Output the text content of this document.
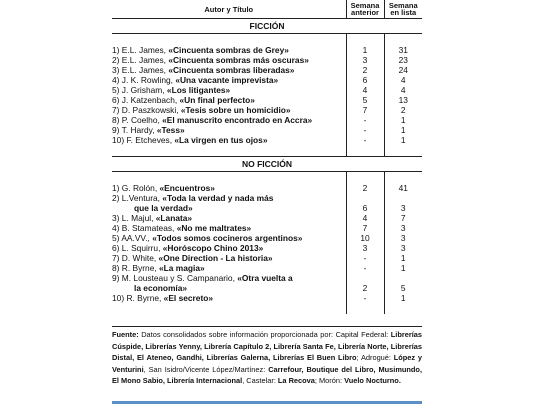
Autor y Título	Semana anterior	Semana en lista
FICCIÓN		

1) E.L. James, «Cincuenta sombras de Grey»	1	31
2) E.L. James, «Cincuenta sombras más oscuras»	3	23
3) E.L. James, «Cincuenta sombras liberadas»	2	24
4) J. K. Rowling, «Una vacante imprevista»	6	4
5) J. Grisham, «Los litigantes»	4	4
6) J. Katzenbach, «Un final perfecto»	5	13
7) D. Paszkowski, «Tesis sobre un homicidio»	7	2
8) P. Coelho, «El manuscrito encontrado en Accra»	-	1
9) T. Hardy, «Tess»	-	1
10) F. Etcheves, «La virgen en tus ojos»	-	1

NO FICCIÓN		

1) G. Rolón, «Encuentros»	2	41
2) L.Ventura, «Toda la verdad y nada más
que la verdad»	6	3
3) L. Majul, «Lanata»	4	7
4) B. Stamateas, «No me maltrates»	7	3
5) AA.VV., «Todos somos cocineros argentinos»	10	3
6) L. Squirru, «Horóscopo Chino 2013»	3	3
7) D. White, «One Direction - La historia»	-	1
8) R. Byrne, «La magia»	-	1
9) M. Lousteau y S. Campanario, «Otra vuelta a
la economía»	2	5
10) R. Byrne, «El secreto»	-	1

Fuente: Datos consolidados sobre información proporcionada por: Capital Federal: Librerías Cúspide, Librerías Yenny, Librería Capítulo 2, Librería Santa Fe, Librería Norte, Librerías Distal, El Ateneo, Gandhi, Librerías Galerna, Librerías El Buen Libro; Adrogué: López y Venturini, San Isidro/Vicente López/Martínez: Carrefour, Boutique del Libro, Musimundo, El Mono Sabio, Librería Internacional, Castelar: La Recova; Morón: Vuelo Nocturno.
